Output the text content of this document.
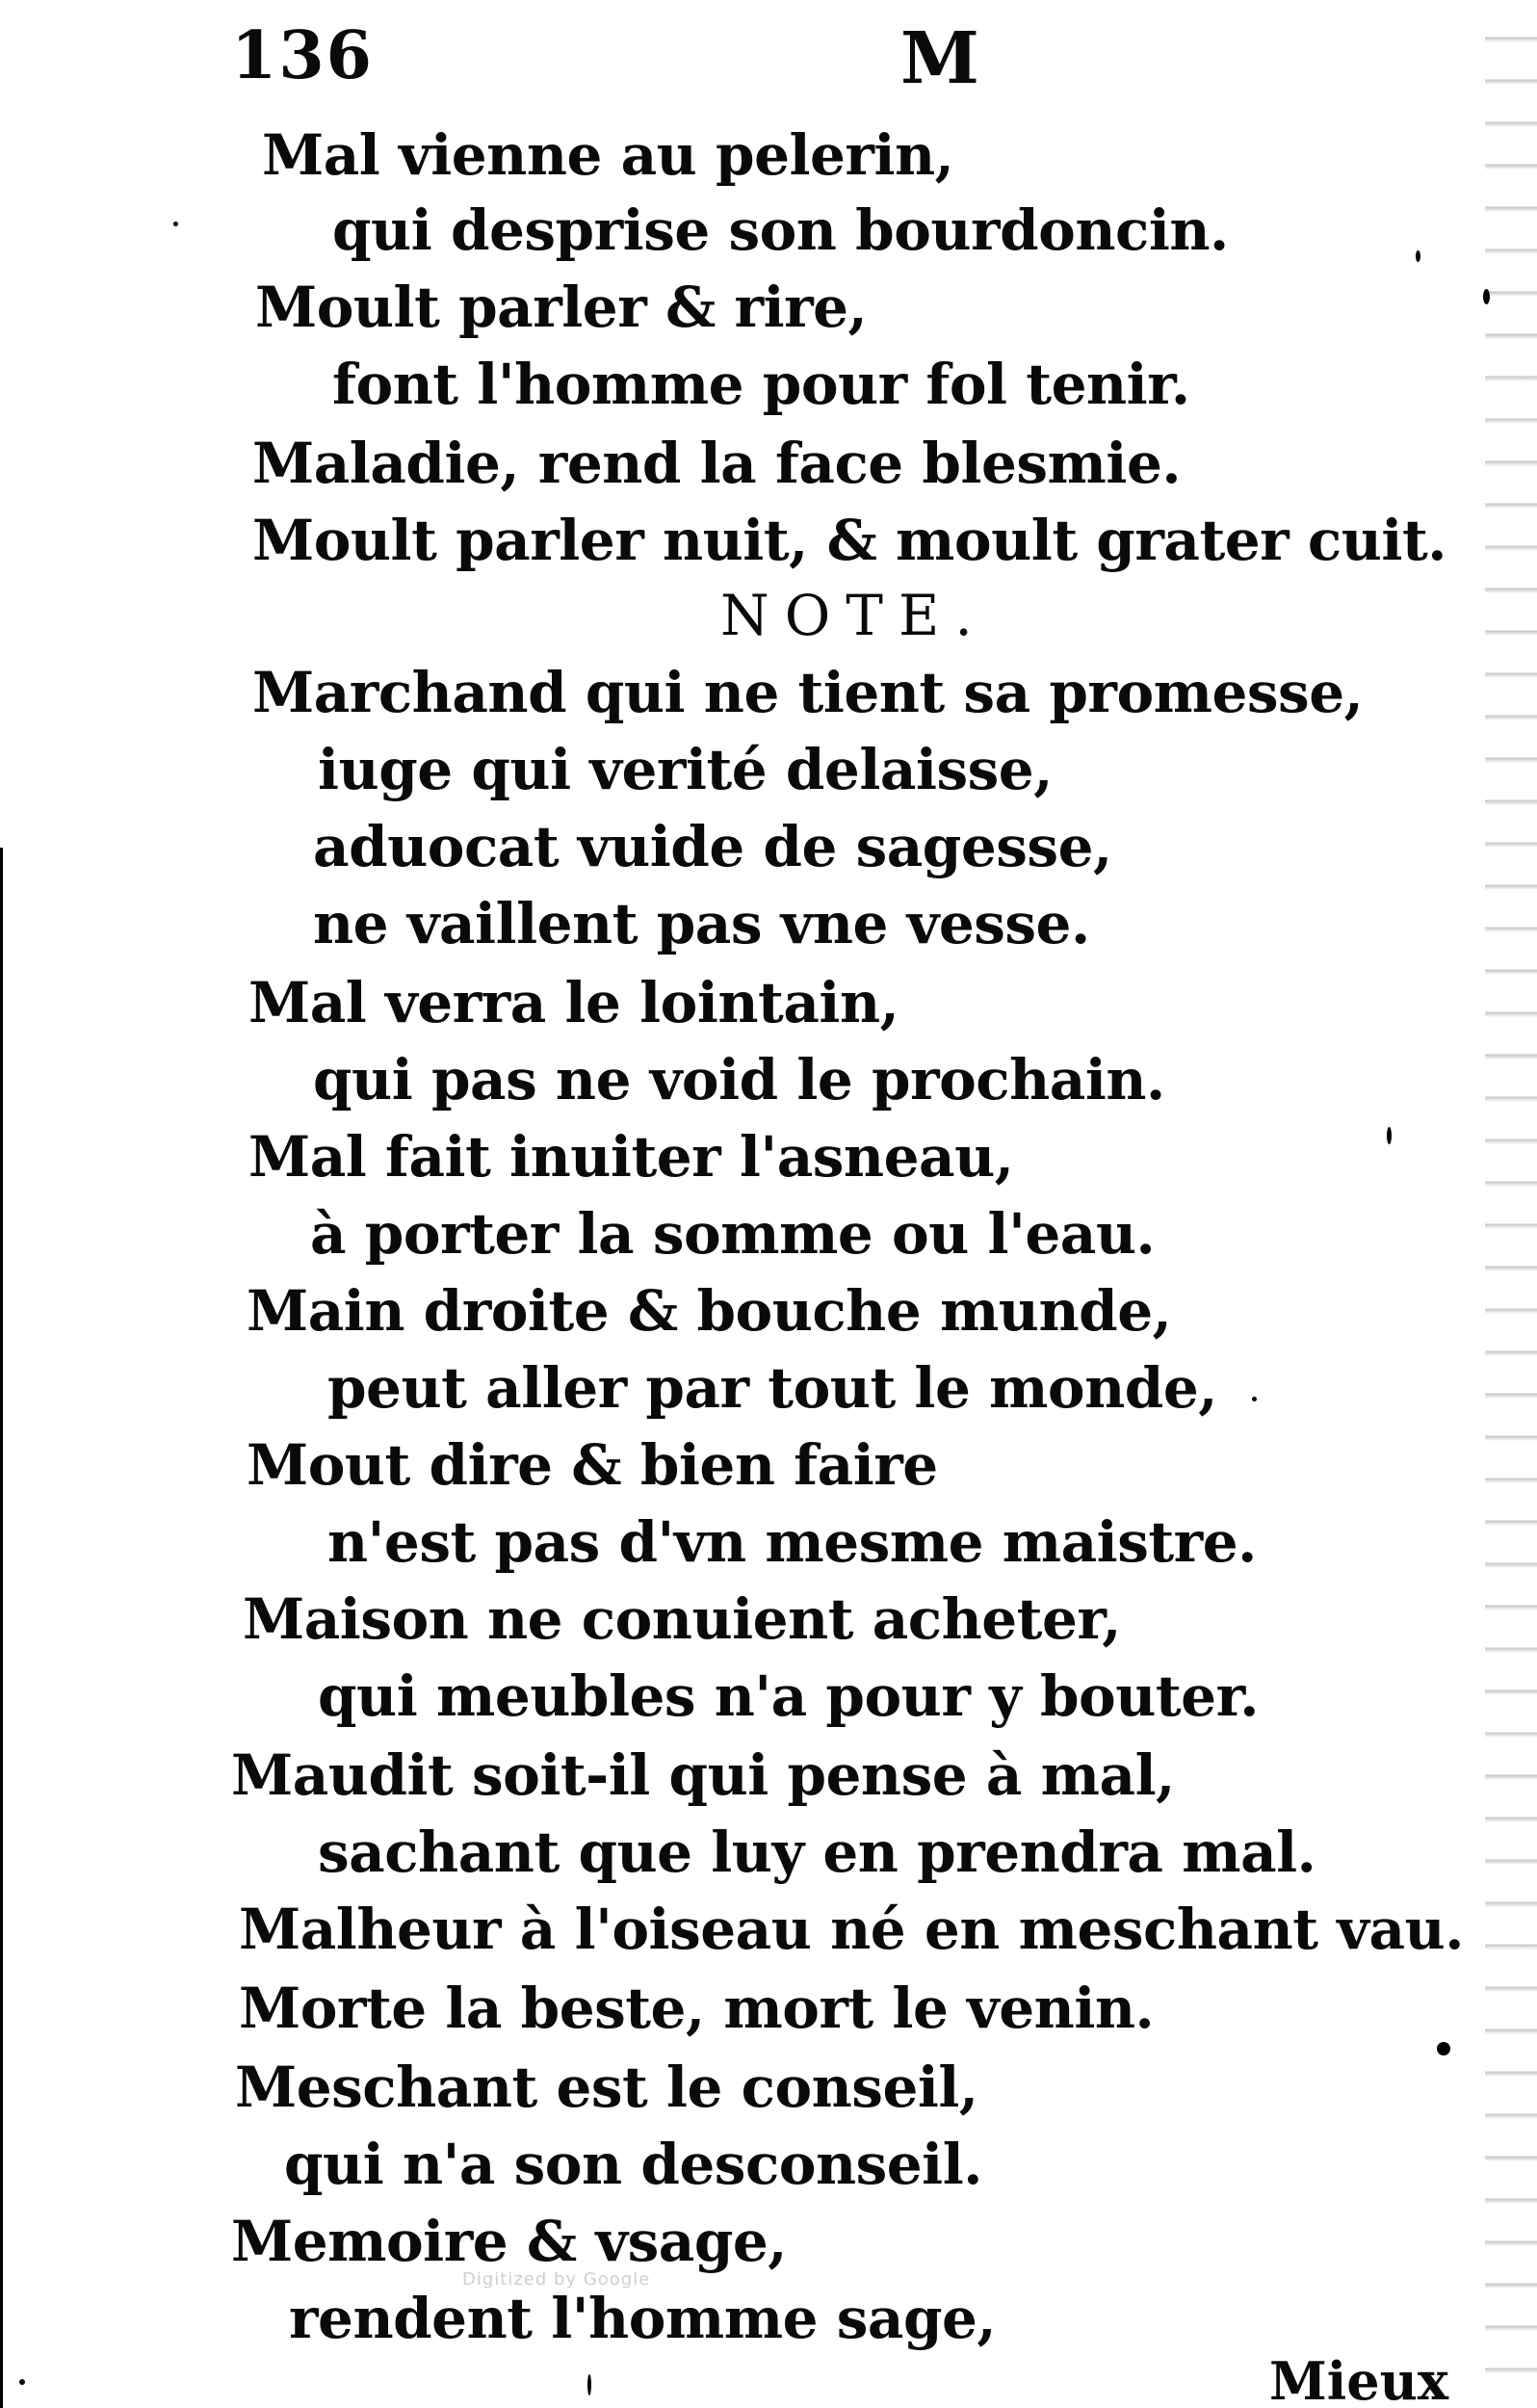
136	M
Mal vienne au pelerin,
qui desprise son bourdoncin.
Moult parler & rire,
font l'homme pour fol tenir.
Maladie, rend la face blesmie.
Moult parler nuit, & moult grater cuit.
NOTE.
Marchand qui ne tient sa promesse,
iuge qui verité delaisse,
aduocat vuide de sagesse,
ne vaillent pas vne vesse.
Mal verra le lointain,
qui pas ne void le prochain.
Mal fait inuiter l'asneau,
à porter la somme ou l'eau.
Main droite & bouche munde,
peut aller par tout le monde,
Mout dire & bien faire
n'est pas d'vn mesme maistre.
Maison ne conuient acheter,
qui meubles n'a pour y bouter.
Maudit soit-il qui pense à mal,
sachant que luy en prendra mal.
Malheur à l'oiseau né en meschant vau.
Morte la beste, mort le venin.
Meschant est le conseil,
qui n'a son desconseil.
Memoire & vsage,
rendent l'homme sage,
Digitized by Google
Mieux
